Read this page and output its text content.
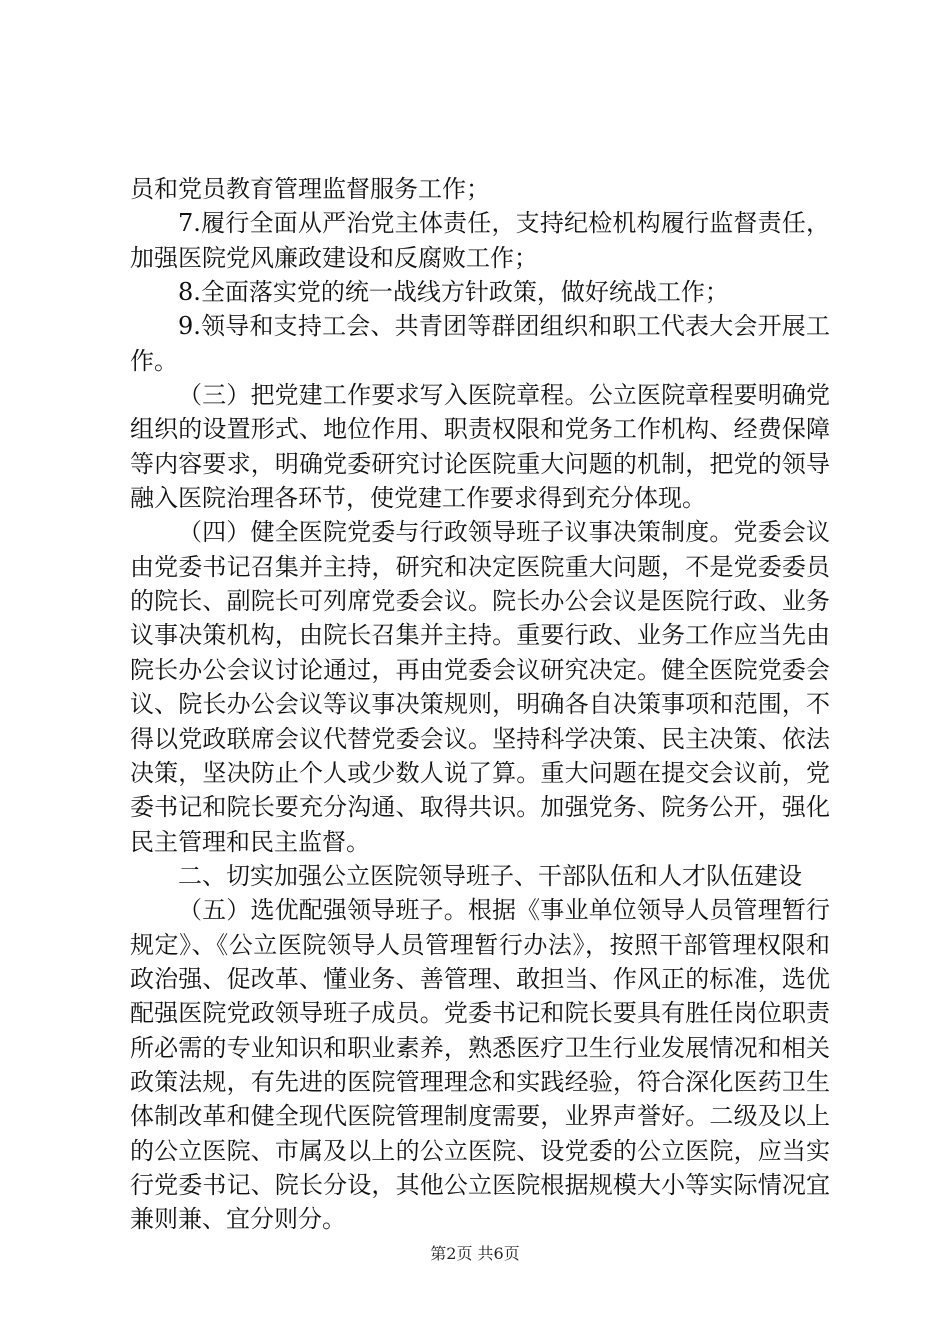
员和党员教育管理监督服务工作；

7.履行全面从严治党主体责任，支持纪检机构履行监督责任，加强医院党风廉政建设和反腐败工作；

8.全面落实党的统一战线方针政策，做好统战工作；

9.领导和支持工会、共青团等群团组织和职工代表大会开展工作。

（三）把党建工作要求写入医院章程。公立医院章程要明确党组织的设置形式、地位作用、职责权限和党务工作机构、经费保障等内容要求，明确党委研究讨论医院重大问题的机制，把党的领导融入医院治理各环节，使党建工作要求得到充分体现。

（四）健全医院党委与行政领导班子议事决策制度。党委会议由党委书记召集并主持，研究和决定医院重大问题，不是党委委员的院长、副院长可列席党委会议。院长办公会议是医院行政、业务议事决策机构，由院长召集并主持。重要行政、业务工作应当先由院长办公会议讨论通过，再由党委会议研究决定。健全医院党委会议、院长办公会议等议事决策规则，明确各自决策事项和范围，不得以党政联席会议代替党委会议。坚持科学决策、民主决策、依法决策，坚决防止个人或少数人说了算。重大问题在提交会议前，党委书记和院长要充分沟通、取得共识。加强党务、院务公开，强化民主管理和民主监督。

二、切实加强公立医院领导班子、干部队伍和人才队伍建设

（五）选优配强领导班子。根据《事业单位领导人员管理暂行规定》、《公立医院领导人员管理暂行办法》，按照干部管理权限和政治强、促改革、懂业务、善管理、敢担当、作风正的标准，选优配强医院党政领导班子成员。党委书记和院长要具有胜任岗位职责所必需的专业知识和职业素养，熟悉医疗卫生行业发展情况和相关政策法规，有先进的医院管理理念和实践经验，符合深化医药卫生体制改革和健全现代医院管理制度需要，业界声誉好。二级及以上的公立医院、市属及以上的公立医院、设党委的公立医院，应当实行党委书记、院长分设，其他公立医院根据规模大小等实际情况宜兼则兼、宜分则分。

第2页 共6页
